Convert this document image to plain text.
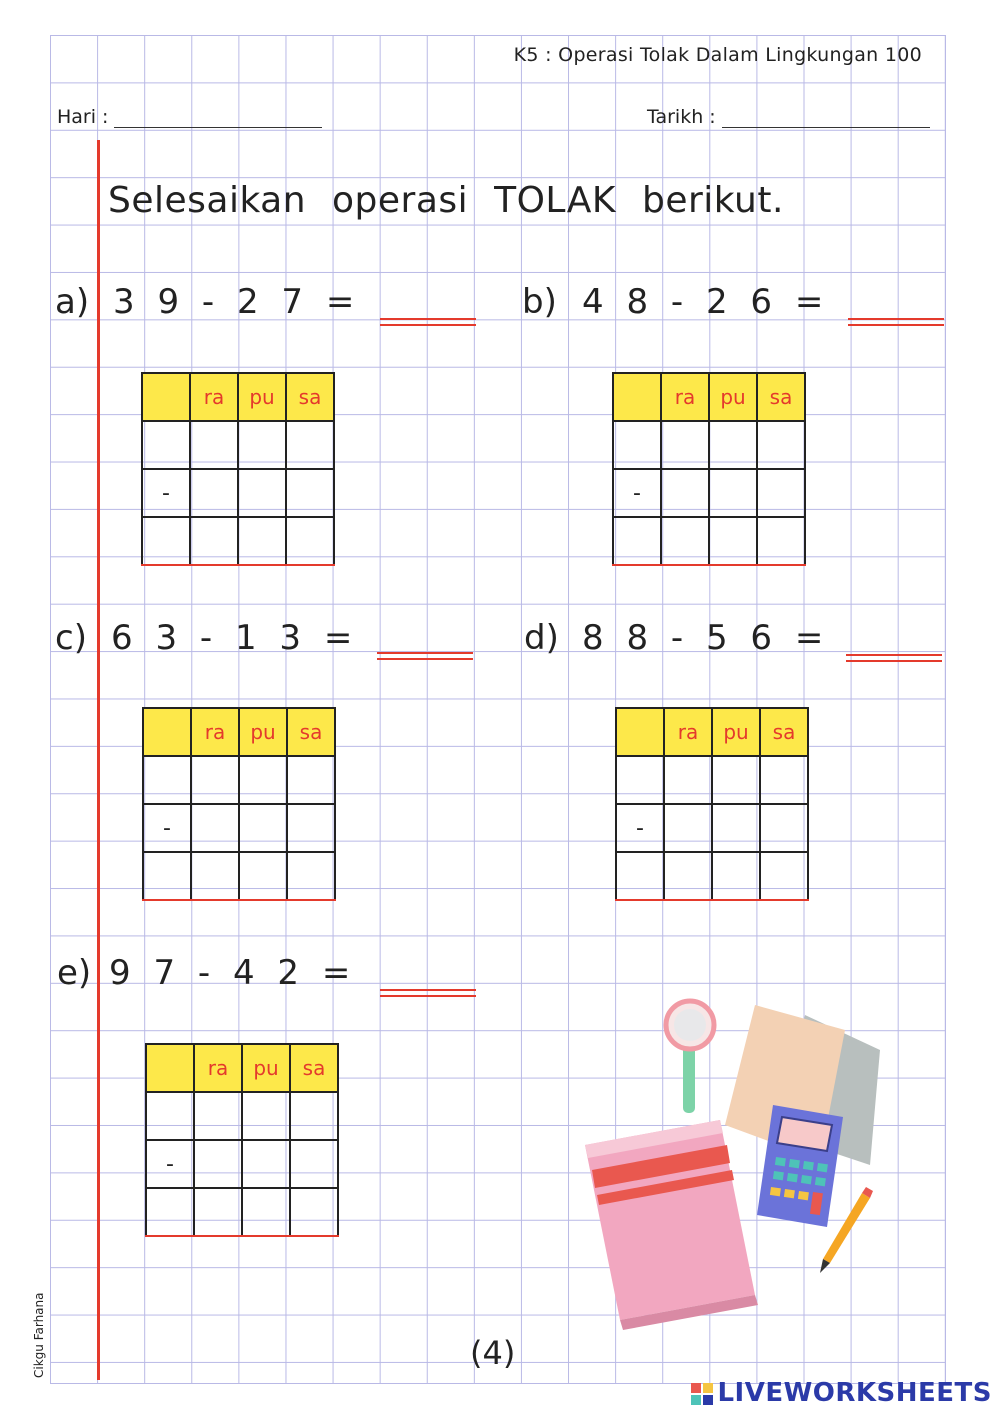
K5 : Operasi Tolak Dalam Lingkungan 100
Hari :	Tarikh :
Selesaikan operasi TOLAK berikut.
a) 3 9 - 2 7 =
	ra	pu	sa

-			

b) 4 8 - 2 6 =
	ra	pu	sa

-			

c) 6 3 - 1 3 =
	ra	pu	sa

-			

d) 8 8 - 5 6 =
	ra	pu	sa

-			

e) 9 7 - 4 2 =
	ra	pu	sa

-			

(4)
Cikgu Farhana
LIVEWORKSHEETS
